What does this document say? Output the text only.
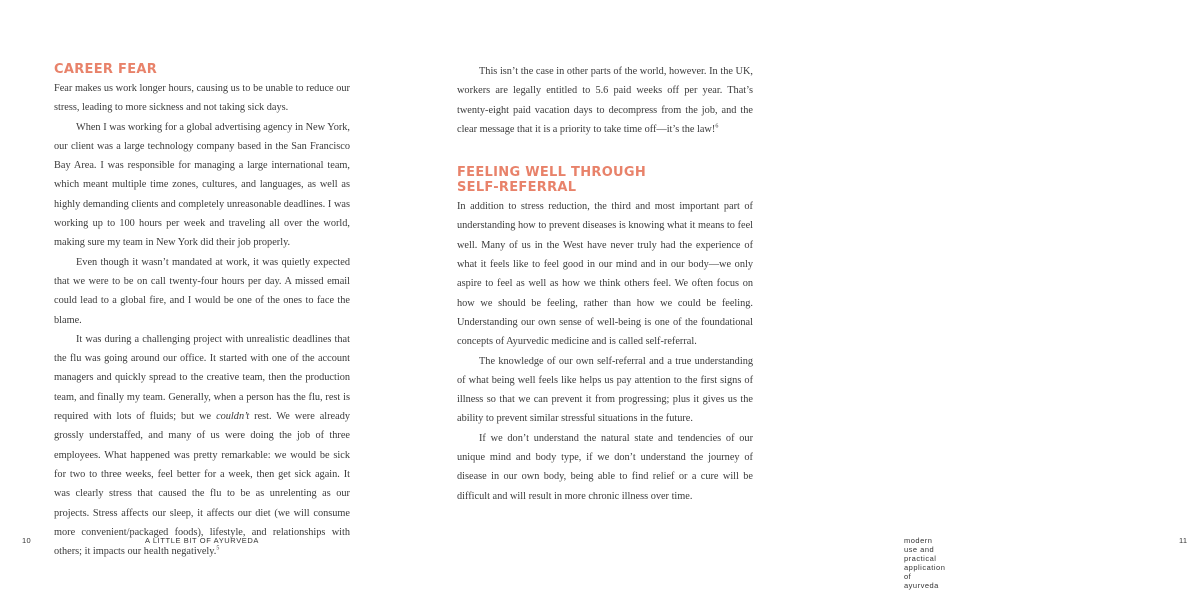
CAREER FEAR

Fear makes us work longer hours, causing us to be unable to reduce our stress, leading to more sickness and not taking sick days.

When I was working for a global advertising agency in New York, our client was a large technology company based in the San Francisco Bay Area. I was responsible for managing a large international team, which meant multiple time zones, cultures, and languages, as well as highly demanding clients and completely unreasonable deadlines. I was working up to 100 hours per week and traveling all over the world, making sure my team in New York did their job properly.

Even though it wasn’t mandated at work, it was quietly expected that we were to be on call twenty-four hours per day. A missed email could lead to a global fire, and I would be one of the ones to face the blame.

It was during a challenging project with unrealistic deadlines that the flu was going around our office. It started with one of the account managers and quickly spread to the creative team, then the production team, and finally my team. Generally, when a person has the flu, rest is required with lots of fluids; but we couldn’t rest. We were already grossly understaffed, and many of us were doing the job of three employees. What happened was pretty remarkable: we would be sick for two to three weeks, feel better for a week, then get sick again. It was clearly stress that caused the flu to be as unrelenting as our projects. Stress affects our sleep, it affects our diet (we will consume more convenient/packaged foods), lifestyle, and relationships with others; it impacts our health negatively.$^5$

10	A LITTLE BIT OF AYURVEDA

This isn’t the case in other parts of the world, however. In the UK, workers are legally entitled to 5.6 paid weeks off per year. That’s twenty-eight paid vacation days to decompress from the job, and the clear message that it is a priority to take time off—it’s the law!$^6$

FEELING WELL THROUGH
SELF-REFERRAL

In addition to stress reduction, the third and most important part of understanding how to prevent diseases is knowing what it means to feel well. Many of us in the West have never truly had the experience of what it feels like to feel good in our mind and in our body—we only aspire to feel as well as how we think others feel. We often focus on how we should be feeling, rather than how we could be feeling. Understanding our own sense of well-being is one of the foundational concepts of Ayurvedic medicine and is called self-referral.

The knowledge of our own self-referral and a true understanding of what being well feels like helps us pay attention to the first signs of illness so that we can prevent it from progressing; plus it gives us the ability to prevent similar stressful situations in the future.

If we don’t understand the natural state and tendencies of our unique mind and body type, if we don’t understand the journey of disease in our own body, being able to find relief or a cure will be difficult and will result in more chronic illness over time.

modern use and practical application of ayurveda
11
